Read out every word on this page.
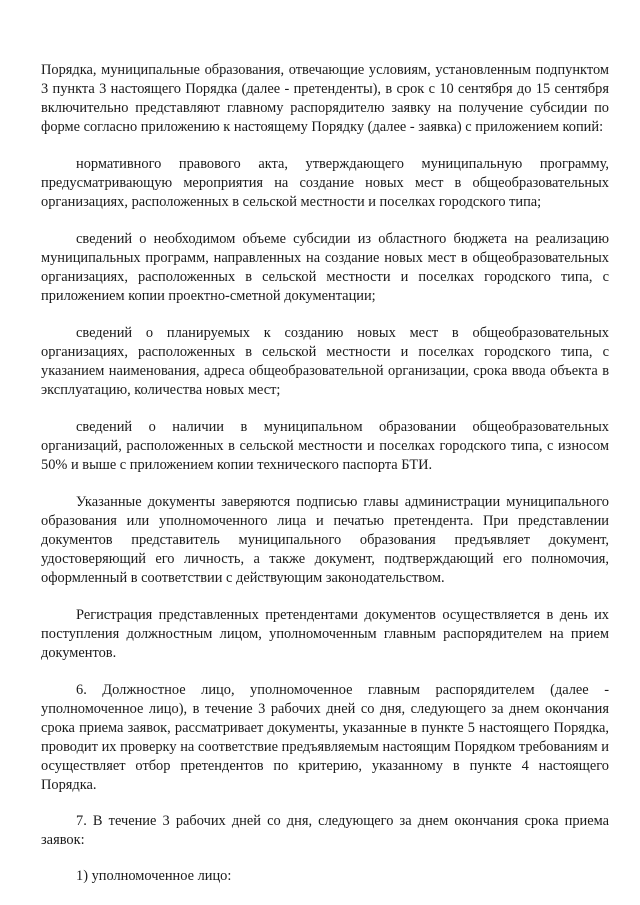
Порядка, муниципальные образования, отвечающие условиям, установленным подпунктом 3 пункта 3 настоящего Порядка (далее - претенденты), в срок с 10 сентября до 15 сентября включительно представляют главному распорядителю заявку на получение субсидии по форме согласно приложению к настоящему Порядку (далее - заявка) с приложением копий:

нормативного правового акта, утверждающего муниципальную программу, предусматривающую мероприятия на создание новых мест в общеобразовательных организациях, расположенных в сельской местности и поселках городского типа;

сведений о необходимом объеме субсидии из областного бюджета на реализацию муниципальных программ, направленных на создание новых мест в общеобразовательных организациях, расположенных в сельской местности и поселках городского типа, с приложением копии проектно-сметной документации;

сведений о планируемых к созданию новых мест в общеобразовательных организациях, расположенных в сельской местности и поселках городского типа, с указанием наименования, адреса общеобразовательной организации, срока ввода объекта в эксплуатацию, количества новых мест;

сведений о наличии в муниципальном образовании общеобразовательных организаций, расположенных в сельской местности и поселках городского типа, с износом 50% и выше с приложением копии технического паспорта БТИ.

Указанные документы заверяются подписью главы администрации муниципального образования или уполномоченного лица и печатью претендента. При представлении документов представитель муниципального образования предъявляет документ, удостоверяющий его личность, а также документ, подтверждающий его полномочия, оформленный в соответствии с действующим законодательством.

Регистрация представленных претендентами документов осуществляется в день их поступления должностным лицом, уполномоченным главным распорядителем на прием документов.

6. Должностное лицо, уполномоченное главным распорядителем (далее - уполномоченное лицо), в течение 3 рабочих дней со дня, следующего за днем окончания срока приема заявок, рассматривает документы, указанные в пункте 5 настоящего Порядка, проводит их проверку на соответствие предъявляемым настоящим Порядком требованиям и осуществляет отбор претендентов по критерию, указанному в пункте 4 настоящего Порядка.

7. В течение 3 рабочих дней со дня, следующего за днем окончания срока приема заявок:

1) уполномоченное лицо:
